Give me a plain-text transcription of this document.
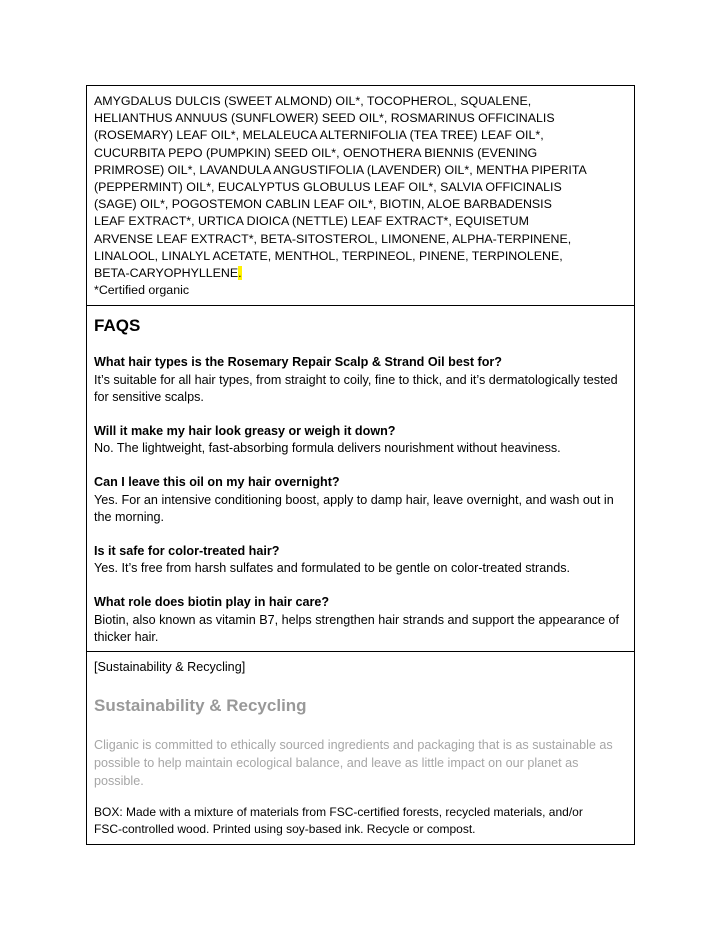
AMYGDALUS DULCIS (SWEET ALMOND) OIL*, TOCOPHEROL, SQUALENE,
HELIANTHUS ANNUUS (SUNFLOWER) SEED OIL*, ROSMARINUS OFFICINALIS
(ROSEMARY) LEAF OIL*, MELALEUCA ALTERNIFOLIA (TEA TREE) LEAF OIL*,
CUCURBITA PEPO (PUMPKIN) SEED OIL*, OENOTHERA BIENNIS (EVENING
PRIMROSE) OIL*, LAVANDULA ANGUSTIFOLIA (LAVENDER) OIL*, MENTHA PIPERITA
(PEPPERMINT) OIL*, EUCALYPTUS GLOBULUS LEAF OIL*, SALVIA OFFICINALIS
(SAGE) OIL*, POGOSTEMON CABLIN LEAF OIL*, BIOTIN, ALOE BARBADENSIS
LEAF EXTRACT*, URTICA DIOICA (NETTLE) LEAF EXTRACT*, EQUISETUM
ARVENSE LEAF EXTRACT*, BETA-SITOSTEROL, LIMONENE, ALPHA-TERPINENE,
LINALOOL, LINALYL ACETATE, MENTHOL, TERPINEOL, PINENE, TERPINOLENE,
BETA-CARYOPHYLLENE.
*Certified organic
FAQS
What hair types is the Rosemary Repair Scalp & Strand Oil best for?
It’s suitable for all hair types, from straight to coily, fine to thick, and it’s dermatologically tested for sensitive scalps.
Will it make my hair look greasy or weigh it down?
No. The lightweight, fast-absorbing formula delivers nourishment without heaviness.
Can I leave this oil on my hair overnight?
Yes. For an intensive conditioning boost, apply to damp hair, leave overnight, and wash out in the morning.
Is it safe for color-treated hair?
Yes. It’s free from harsh sulfates and formulated to be gentle on color-treated strands.
What role does biotin play in hair care?
Biotin, also known as vitamin B7, helps strengthen hair strands and support the appearance of thicker hair.
[Sustainability & Recycling]
Sustainability & Recycling
Cliganic is committed to ethically sourced ingredients and packaging that is as sustainable as possible to help maintain ecological balance, and leave as little impact on our planet as possible.
BOX: Made with a mixture of materials from FSC-certified forests, recycled materials, and/or
FSC-controlled wood. Printed using soy-based ink. Recycle or compost.
